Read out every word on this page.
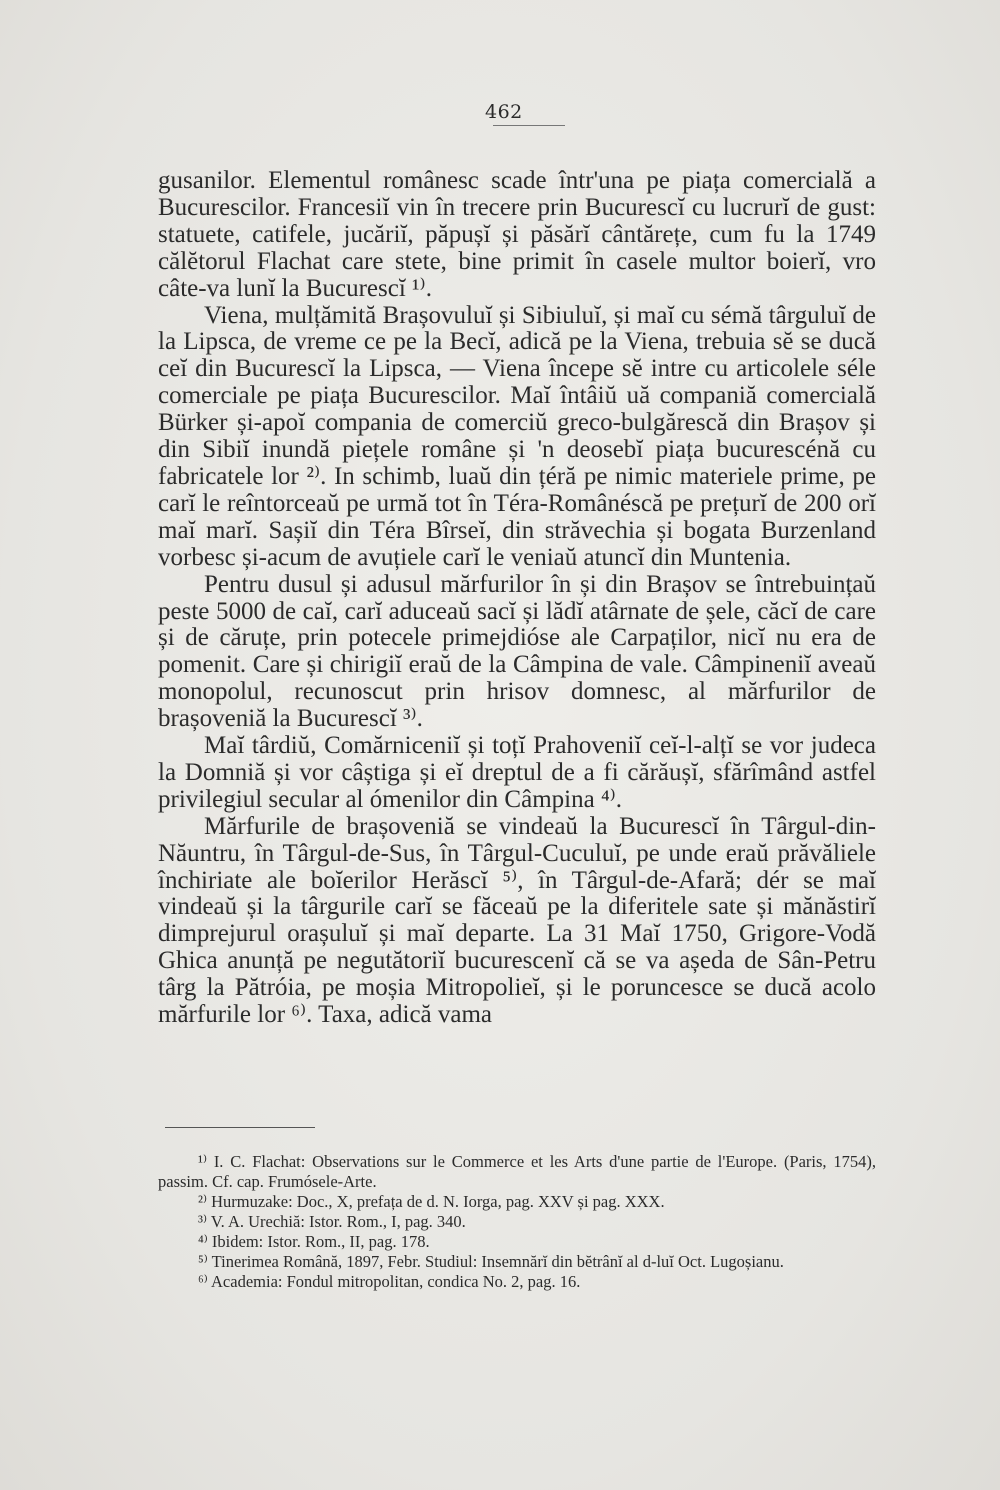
462

gusanilor. Elementul românesc scade într'una pe piața comercială a Bucurescilor. Francesiĭ vin în trecere prin Bucurescĭ cu lucrurĭ de gust: statuete, catifele, jucăriĭ, păpușĭ și păsărĭ cântărețe, cum fu la 1749 călĕtorul Flachat care stete, bine primit în casele multor boierĭ, vro câte-va lunĭ la Bucurescĭ ¹⁾.

Viena, mulțămită Brașovuluĭ și Sibiuluĭ, și maĭ cu sémă târguluĭ de la Lipsca, de vreme ce pe la Becĭ, adică pe la Viena, trebuia sĕ se ducă ceĭ din Bucurescĭ la Lipsca, — Viena începe sĕ intre cu articolele séle comerciale pe piața Bucurescilor. Maĭ întâiŭ uă companiă comercială Bürker și-apoĭ compania de comerciŭ greco-bulgărescă din Brașov și din Sibiĭ inundă piețele române și 'n deosebĭ piața bucurescénă cu fabricatele lor ²⁾. In schimb, luaŭ din țéră pe nimic materiele prime, pe carĭ le reîntorceaŭ pe urmă tot în Téra-Românéscă pe prețurĭ de 200 orĭ maĭ marĭ. Sașiĭ din Téra Bîrseĭ, din străvechia și bogata Burzenland vorbesc și-acum de avuțiele carĭ le veniaŭ atuncĭ din Muntenia.

Pentru dusul și adusul mărfurilor în și din Brașov se întrebuințaŭ peste 5000 de caĭ, carĭ aduceaŭ sacĭ și lădĭ atârnate de șele, căcĭ de care și de căruțe, prin potecele primejdióse ale Carpaților, nicĭ nu era de pomenit. Care și chirigiĭ eraŭ de la Câmpina de vale. Câmpineniĭ aveaŭ monopolul, recunoscut prin hrisov domnesc, al mărfurilor de brașoveniă la Bucurescĭ ³⁾.

Maĭ târdiŭ, Comărniceniĭ și toțĭ Prahoveniĭ ceĭ-l-alțĭ se vor judeca la Domniă și vor câștiga și eĭ dreptul de a fi cărăușĭ, sfărîmând astfel privilegiul secular al ómenilor din Câmpina ⁴⁾.

Mărfurile de brașoveniă se vindeaŭ la Bucurescĭ în Târgul-din-Năuntru, în Târgul-de-Sus, în Târgul-Cuculuĭ, pe unde eraŭ prăvăliele închiriate ale boĭerilor Herăscĭ ⁵⁾, în Târgul-de-Afară; dér se maĭ vindeaŭ și la târgurile carĭ se făceaŭ pe la diferitele sate și mănăstirĭ dimprejurul orașuluĭ și maĭ departe. La 31 Maĭ 1750, Grigore-Vodă Ghica anunță pe negutătoriĭ bucurescenĭ că se va aședa de Sân-Petru târg la Pătróia, pe moșia Mitropolieĭ, și le poruncesce se ducă acolo mărfurile lor ⁶⁾. Taxa, adică vama

¹⁾ I. C. Flachat: Observations sur le Commerce et les Arts d'une partie de l'Europe. (Paris, 1754), passim. Cf. cap. Frumósele-Arte.

²⁾ Hurmuzake: Doc., X, prefața de d. N. Iorga, pag. XXV și pag. XXX.

³⁾ V. A. Urechiă: Istor. Rom., I, pag. 340.

⁴⁾ Ibidem: Istor. Rom., II, pag. 178.

⁵⁾ Tinerimea Română, 1897, Febr. Studiul: Insemnărĭ din bĕtrânĭ al d-luĭ Oct. Lugoșianu.

⁶⁾ Academia: Fondul mitropolitan, condica No. 2, pag. 16.
